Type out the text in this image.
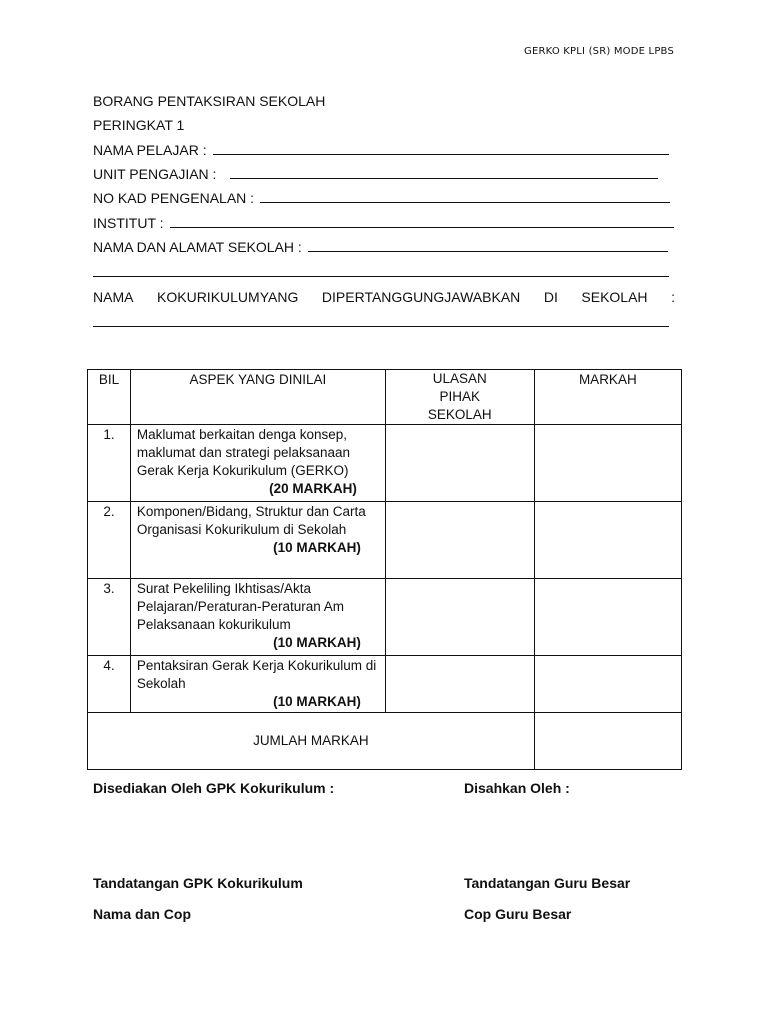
GERKO KPLI (SR) MODE LPBS
BORANG PENTAKSIRAN SEKOLAH
PERINGKAT 1
NAMA PELAJAR :
UNIT PENGAJIAN :
NO KAD PENGENALAN :
INSTITUT :
NAMA DAN ALAMAT SEKOLAH :
NAMA KOKURIKULUMYANG DIPERTANGGUNGJAWABKAN DI SEKOLAH :
BIL	ASPEK YANG DINILAI	ULASAN PIHAK SEKOLAH	MARKAH
1.	Maklumat berkaitan denga konsep, maklumat dan strategi pelaksanaan Gerak Kerja Kokurikulum (GERKO)
(20 MARKAH)		

2.	Komponen/Bidang, Struktur dan Carta Organisasi Kokurikulum di Sekolah
(10 MARKAH)		

3.	Surat Pekeliling Ikhtisas/Akta Pelajaran/Peraturan-Peraturan Am Pelaksanaan kokurikulum
(10 MARKAH)		

4.	Pentaksiran Gerak Kerja Kokurikulum di Sekolah
(10 MARKAH)		

JUMLAH MARKAH			
Disediakan Oleh GPK Kokurikulum :	Disahkan Oleh :
Tandatangan GPK Kokurikulum	Tandatangan Guru Besar
Nama dan Cop	Cop Guru Besar
